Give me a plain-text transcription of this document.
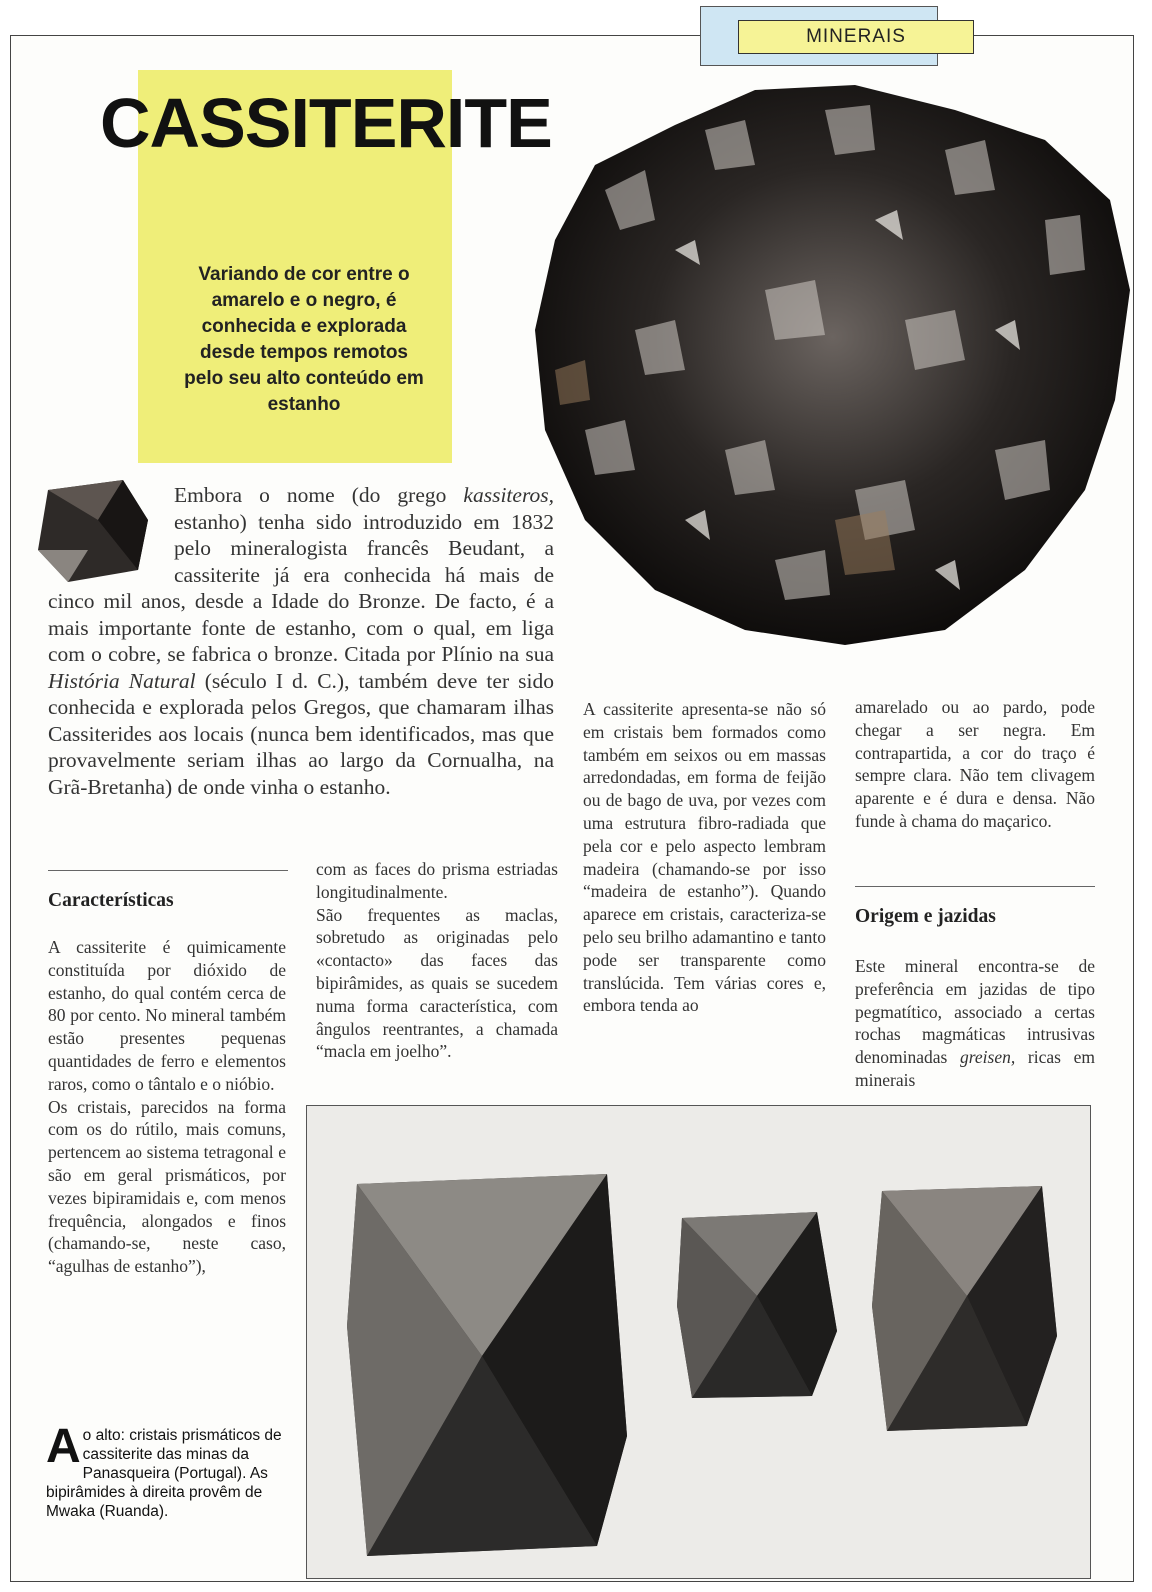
MINERAIS
CASSITERITE
Variando de cor entre o amarelo e o negro, é conhecida e explorada desde tempos remotos pelo seu alto conteúdo em estanho

Embora o nome (do grego kassiteros, estanho) tenha sido introduzido em 1832 pelo mineralogista francês Beudant, a cassiterite já era conhecida há mais de cinco mil anos, desde a Idade do Bronze. De facto, é a mais importante fonte de estanho, com o qual, em liga com o cobre, se fabrica o bronze. Citada por Plínio na sua História Natural (século I d. C.), também deve ter sido conhecida e explorada pelos Gregos, que chamaram ilhas Cassiterides aos locais (nunca bem identificados, mas que provavelmente seriam ilhas ao largo da Cornualha, na Grã-Bretanha) de onde vinha o estanho.

Características
A cassiterite é quimicamente constituída por dióxido de estanho, do qual contém cerca de 80 por cento. No mineral também estão presentes pequenas quantidades de ferro e elementos raros, como o tântalo e o nióbio.
Os cristais, parecidos na forma com os do rútilo, mais comuns, pertencem ao sistema tetragonal e são em geral prismáticos, por vezes bipiramidais e, com menos frequência, alongados e finos (chamando-se, neste caso, “agulhas de estanho”),
com as faces do prisma estriadas longitudinalmente.
São frequentes as maclas, sobretudo as originadas pelo «contacto» das faces das bipirâmides, as quais se sucedem numa forma característica, com ângulos reentrantes, a chamada “macla em joelho”.
A cassiterite apresenta-se não só em cristais bem formados como também em seixos ou em massas arredondadas, em forma de feijão ou de bago de uva, por vezes com uma estrutura fibro-radiada que pela cor e pelo aspecto lembram madeira (chamando-se por isso “madeira de estanho”). Quando aparece em cristais, caracteriza-se pelo seu brilho adamantino e tanto pode ser transparente como translúcida. Tem várias cores e, embora tenda ao
amarelado ou ao pardo, pode chegar a ser negra. Em contrapartida, a cor do traço é sempre clara. Não tem clivagem aparente e é dura e densa. Não funde à chama do maçarico.
Origem e jazidas
Este mineral encontra-se de preferência em jazidas de tipo pegmatítico, associado a certas rochas magmáticas intrusivas denominadas greisen, ricas em minerais
Ao alto: cristais prismáticos de cassiterite das minas da Panasqueira (Portugal). As bipirâmides à direita provêm de Mwaka (Ruanda).
